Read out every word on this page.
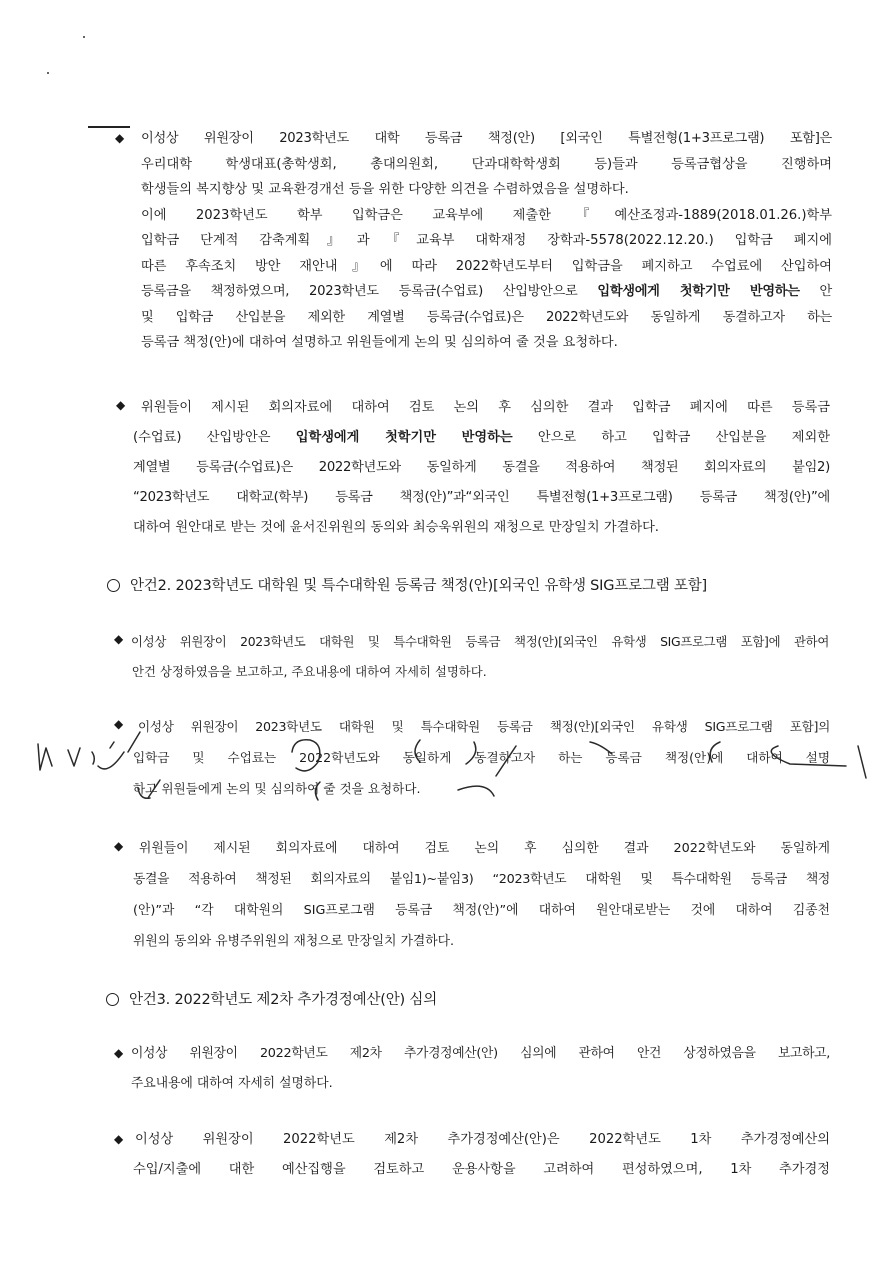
◆ 이성상 위원장이 2023학년도 대학 등록금 책정(안) [외국인 특별전형(1+3프로그램) 포함]은
우리대학 학생대표(총학생회, 총대의원회, 단과대학학생회 등)들과 등록금협상을 진행하며
학생들의 복지향상 및 교육환경개선 등을 위한 다양한 의견을 수렴하였음을 설명하다.
이에 2023학년도 학부 입학금은 교육부에 제출한『예산조정과-1889(2018.01.26.)학부
입학금 단계적 감축계획』과『교육부 대학재정 장학과-5578(2022.12.20.) 입학금 폐지에
따른 후속조치 방안 재안내』에 따라 2022학년도부터 입학금을 폐지하고 수업료에 산입하여
등록금을 책정하였으며, 2023학년도 등록금(수업료) 산입방안으로 입학생에게 첫학기만 반영하는 안
및 입학금 산입분을 제외한 계열별 등록금(수업료)은 2022학년도와 동일하게 동결하고자 하는
등록금 책정(안)에 대하여 설명하고 위원들에게 논의 및 심의하여 줄 것을 요청하다.
◆	위원들이 제시된 회의자료에 대하여 검토 논의 후 심의한 결과 입학금 폐지에 따른 등록금
(수업료) 산입방안은 입학생에게 첫학기만 반영하는 안으로 하고 입학금 산입분을 제외한
계열별 등록금(수업료)은 2022학년도와 동일하게 동결을 적용하여 책정된 회의자료의 붙임2)
“2023학년도 대학교(학부) 등록금 책정(안)”과“외국인 특별전형(1+3프로그램) 등록금 책정(안)”에
대하여 원안대로 받는 것에 윤서진위원의 동의와 최승욱위원의 재청으로 만장일치 가결하다.
안건2. 2023학년도 대학원 및 특수대학원 등록금 책정(안)[외국인 유학생 SIG프로그램 포함]
◆ 이성상 위원장이 2023학년도 대학원 및 특수대학원 등록금 책정(안)[외국인 유학생 SIG프로그램 포함]에 관하여
안건 상정하였음을 보고하고, 주요내용에 대하여 자세히 설명하다.
◆	이성상 위원장이 2023학년도 대학원 및 특수대학원 등록금 책정(안)[외국인 유학생 SIG프로그램 포함]의
입학금 및 수업료는 2022학년도와 동일하게 동결하고자 하는 등록금 책정(안)에 대하여 설명
하고 위원들에게 논의 및 심의하여 줄 것을 요청하다.
◆	위원들이 제시된 회의자료에 대하여 검토 논의 후 심의한 결과 2022학년도와 동일하게
동결을 적용하여 책정된 회의자료의 붙임1)~붙임3) “2023학년도 대학원 및 특수대학원 등록금 책정
(안)”과 “각 대학원의 SIG프로그램 등록금 책정(안)”에 대하여 원안대로받는 것에 대하여 김종천
위원의 동의와 유병주위원의 재청으로 만장일치 가결하다.
안건3. 2022학년도 제2차 추가경정예산(안) 심의
◆ 이성상 위원장이 2022학년도 제2차 추가경정예산(안) 심의에 관하여 안건 상정하였음을 보고하고,
주요내용에 대하여 자세히 설명하다.
◆ 이성상 위원장이 2022학년도 제2차 추가경정예산(안)은 2022학년도 1차 추가경정예산의
수입/지출에 대한 예산집행을 검토하고 운용사항을 고려하여 편성하였으며, 1차 추가경정
